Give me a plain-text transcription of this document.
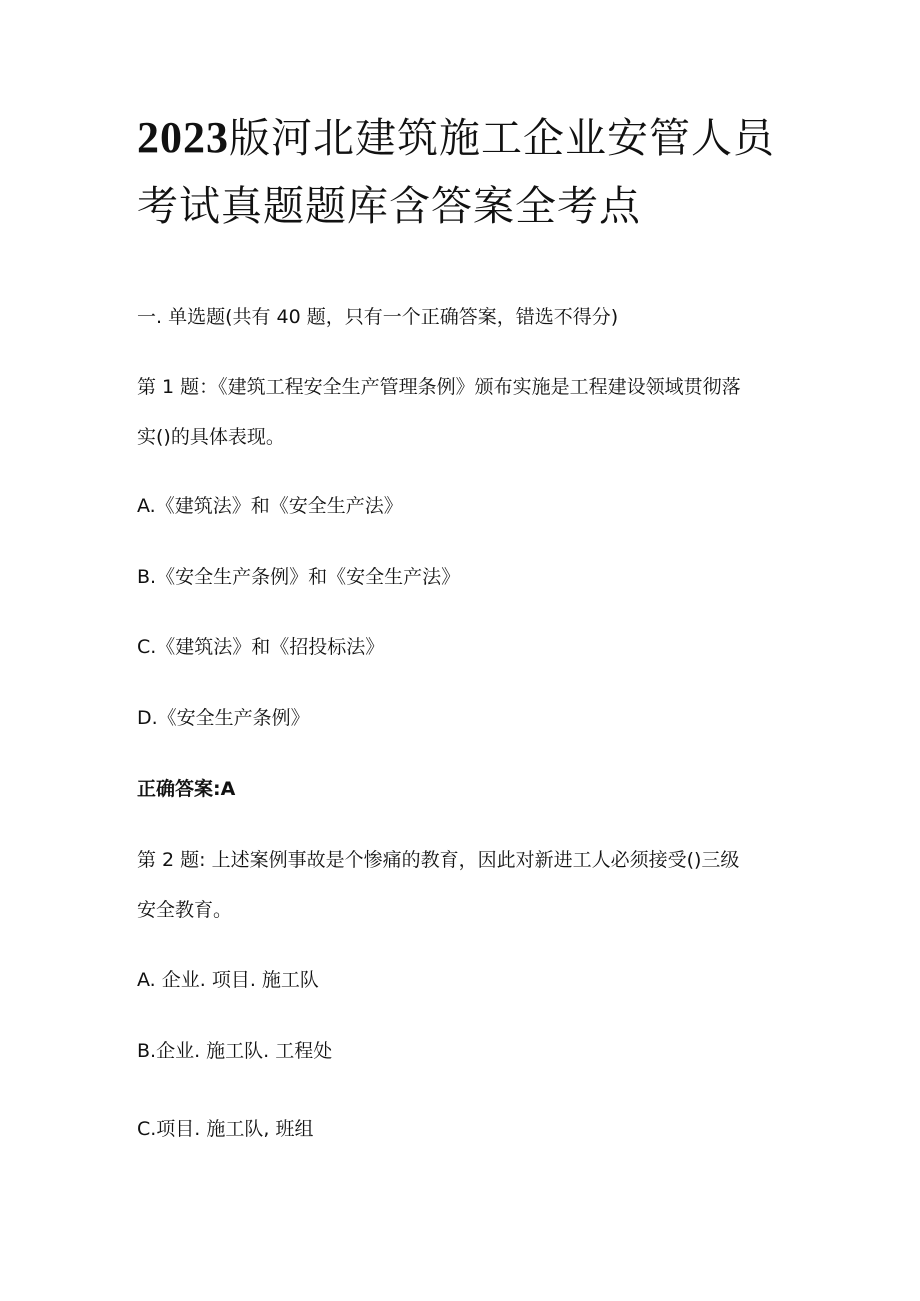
2023版河北建筑施工企业安管人员
考试真题题库含答案全考点

一. 单选题(共有 40 题，只有一个正确答案，错选不得分)

第 1 题：《建筑工程安全生产管理条例》颁布实施是工程建设领域贯彻落

实()的具体表现。

A.《建筑法》和《安全生产法》

B.《安全生产条例》和《安全生产法》

C.《建筑法》和《招投标法》

D.《安全生产条例》

正确答案:A

第 2 题: 上述案例事故是个惨痛的教育，因此对新进工人必须接受()三级

安全教育。

A. 企业. 项目. 施工队

B.企业. 施工队. 工程处

C.项目. 施工队, 班组
